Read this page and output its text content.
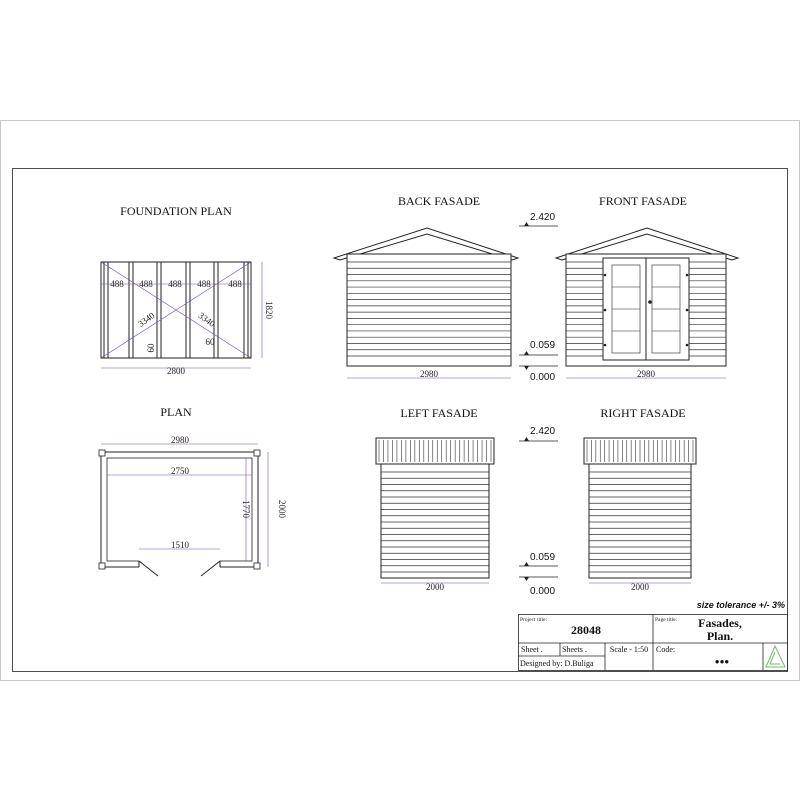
FOUNDATION PLAN
488 488 488 488 488
3340	3340
60
60
2800
1820
BACK FASADE
2980
FRONT FASADE
2980
2.420
0.059
0.000
PLAN
2980
2750
1510
1770	2000
LEFT FASADE
2000
RIGHT FASADE
2000
2.420
0.059
0.000
size tolerance +/- 3%
Project title:
28048
Page title: Fasades,
Plan.
Sheet . Sheets .	Scale - 1:50 Code:
●●●
Designed by: D.Buliga
